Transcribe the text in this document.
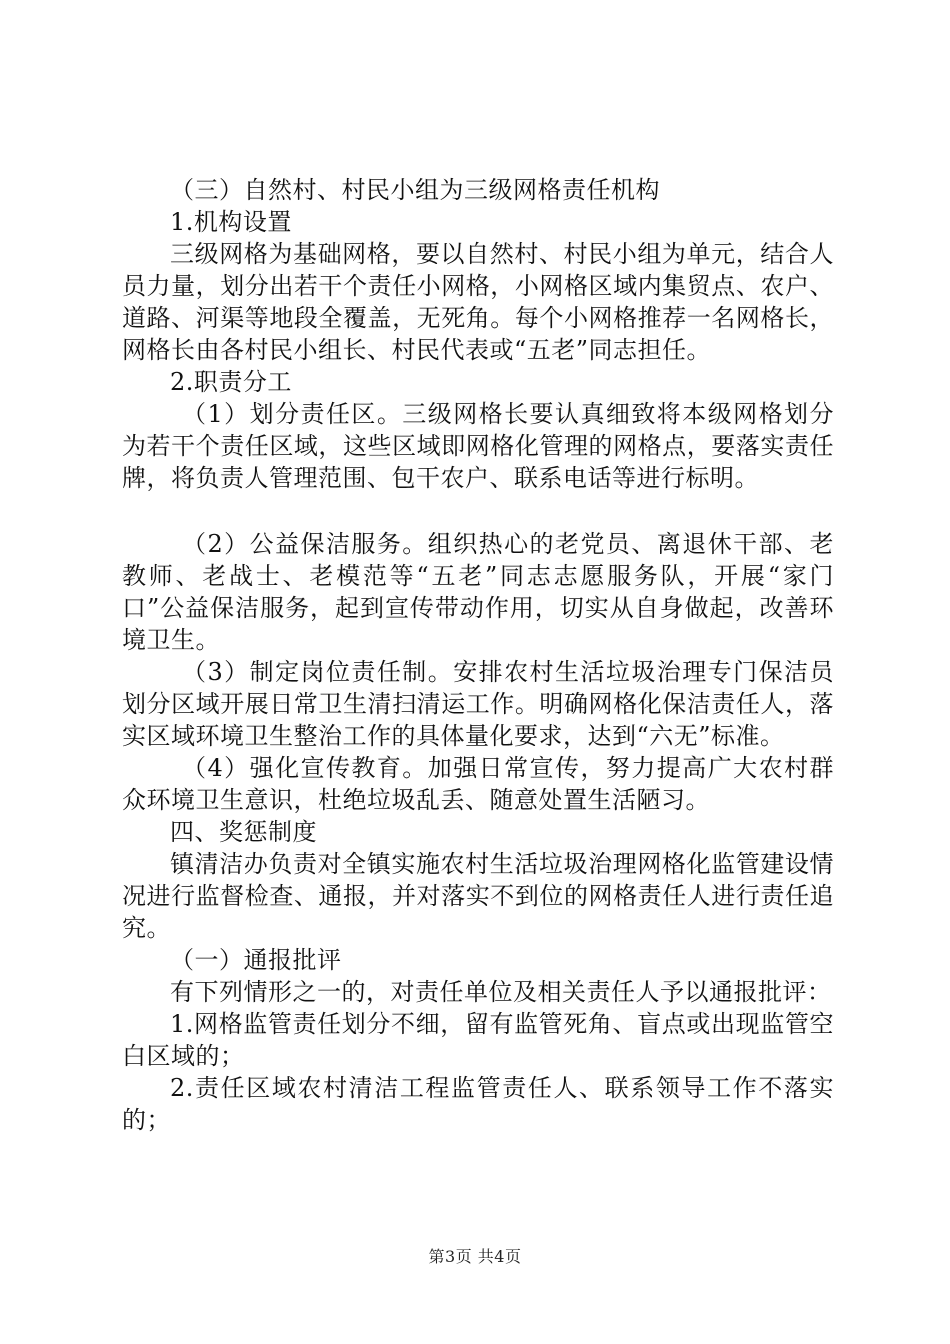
（三）自然村、村民小组为三级网格责任机构

1.机构设置

三级网格为基础网格，要以自然村、村民小组为单元，结合人员力量，划分出若干个责任小网格，小网格区域内集贸点、农户、道路、河渠等地段全覆盖，无死角。每个小网格推荐一名网格长，网格长由各村民小组长、村民代表或“五老”同志担任。

2.职责分工

（1）划分责任区。三级网格长要认真细致将本级网格划分为若干个责任区域，这些区域即网格化管理的网格点，要落实责任牌，将负责人管理范围、包干农户、联系电话等进行标明。

（2）公益保洁服务。组织热心的老党员、离退休干部、老教师、老战士、老模范等“五老”同志志愿服务队，开展“家门口”公益保洁服务，起到宣传带动作用，切实从自身做起，改善环境卫生。

（3）制定岗位责任制。安排农村生活垃圾治理专门保洁员划分区域开展日常卫生清扫清运工作。明确网格化保洁责任人，落实区域环境卫生整治工作的具体量化要求，达到“六无”标准。

（4）强化宣传教育。加强日常宣传，努力提高广大农村群众环境卫生意识，杜绝垃圾乱丢、随意处置生活陋习。

四、奖惩制度

镇清洁办负责对全镇实施农村生活垃圾治理网格化监管建设情况进行监督检查、通报，并对落实不到位的网格责任人进行责任追究。

（一）通报批评

有下列情形之一的，对责任单位及相关责任人予以通报批评：

1.网格监管责任划分不细，留有监管死角、盲点或出现监管空白区域的；

2.责任区域农村清洁工程监管责任人、联系领导工作不落实的；

第3页 共4页
